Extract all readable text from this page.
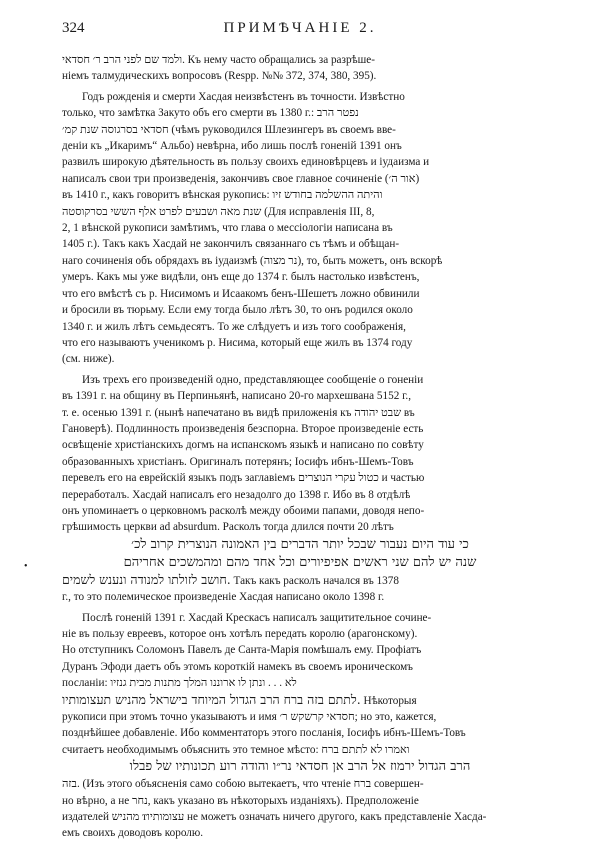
324	ПРИМѢЧАНІЕ 2.
•

ולמד שם לפני הרב ר׳ חסדאי. Къ нему часто обращались за разрѣше-

ніемъ талмудическихъ вопросовъ (Respp. №№ 372, 374, 380, 395).

Годъ рожденія и смерти Хасдая неизвѣстенъ въ точности. Извѣстно

только, что замѣтка Закуто объ его смерти въ 1380 г.: נפטר הרב

חסדאי בסרגוסה שנת קמ׳ (чѣмъ руководился Шлезингеръ въ своемъ вве-

деніи къ „Икаримъ“ Альбо) невѣрна, ибо лишь послѣ гоненій 1391 онъ

развилъ широкую дѣятельность въ пользу своихъ единовѣрцевъ и іудаизма и

написалъ свои три произведенія, закончивъ свое главное сочиненіе (אור ה׳)

въ 1410 г., какъ говоритъ вѣнская рукопись: והיתה ההשלמה בחודש זיו

שנת מאה ושבעים לפרט אלף הששי בסרקוסטה (Для исправленія III, 8,

2, 1 вѣнской рукописи замѣтимъ, что глава о мессіологіи написана въ

1405 г.). Такъ какъ Хасдай не закончилъ связаннаго съ тѣмъ и обѣщан-

наго сочиненія объ обрядахъ въ іудаизмѣ (נר מצוה), то, быть можетъ, онъ вскорѣ

умеръ. Какъ мы уже видѣли, онъ еще до 1374 г. былъ настолько извѣстенъ,

что его вмѣстѣ съ р. Нисимомъ и Исаакомъ бенъ-Шешетъ ложно обвинили

и бросили въ тюрьму. Если ему тогда было лѣтъ 30, то онъ родился около

1340 г. и жилъ лѣтъ семьдесятъ. То же слѣдуетъ и изъ того соображенія,

что его называютъ ученикомъ р. Нисима, который еще жилъ въ 1374 году

(см. ниже).

Изъ трехъ его произведеній одно, представляющее сообщеніе о гоненіи

въ 1391 г. на общину въ Перпиньянѣ, написано 20-го мархешвана 5152 г.,

т. е. осенью 1391 г. (нынѣ напечатано въ видѣ приложенія къ שבט יהודה въ

Гановерѣ). Подлинность произведенія безспорна. Второе произведеніе есть

освѣщеніе христіанскихъ догмъ на испанскомъ языкѣ и написано по совѣту

образованныхъ христіанъ. Оригиналъ потерянъ; Іосифъ ибнъ-Шемъ-Товъ

перевелъ его на еврейскій языкъ подъ заглавіемъ כטול עקרי הנוצרים и частью

переработалъ. Хасдай написалъ его незадолго до 1398 г. Ибо въ 8 отдѣлѣ

онъ упоминаетъ о церковномъ расколѣ между обоими папами, доводя непо-

грѣшимость церкви ad absurdum. Расколъ тогда длился почти 20 лѣтъ

כי עוד היום נעבור שבכל יותר הדברים בין האמונה הנוצרית קרוב לכ׳

שנה יש להם שני ראשים אפיפיורים וכל אחד מהם ומהמשכים אחריהם

חושב לזולתו למנודה ונענש לשמים. Такъ какъ расколъ начался въ 1378

г., то это полемическое произведеніе Хасдая написано около 1398 г.

Послѣ гоненій 1391 г. Хасдай Крескасъ написалъ защитительное сочине-

ніе въ пользу евреевъ, которое онъ хотѣлъ передать королю (арагонскому).

Но отступникъ Соломонъ Павелъ де Санта-Марія помѣшалъ ему. Профіатъ

Дуранъ Эфоди даетъ объ этомъ короткій намекъ въ своемъ ироническомъ

посланіи: לא . . . ונתן לו ארוננו המלך מתנות מבית גנזיו

לתתם בזה ברח הרב הגדול המיוחד בישראל מהניש תעצומותיו. Нѣкоторыя

рукописи при этомъ точно указываютъ и имя חסדאי קרשקש ר׳; но это, кажется,

позднѣйшее добавленіе. Ибо комментаторъ этого посланія, Іосифъ ибнъ-Шемъ-Товъ

считаетъ необходимымъ объяснить это темное мѣсто: ואמרו לא לתתם ברח

הרב הגדול ירמוז אל הרב אן חסדאי נר״ו והודה רוע תכונותיו של פבלו

בזה. (Изъ этого объясненія само собою вытекаетъ, что чтеніе ברח совершен-

но вѣрно, а не נחר, какъ указано въ нѣкоторыхъ изданіяхъ). Предположеніе

издателей מהניש тעצומותיו не можетъ означать ничего другого, какъ представленіе Хасда-

емъ своихъ доводовъ королю.
